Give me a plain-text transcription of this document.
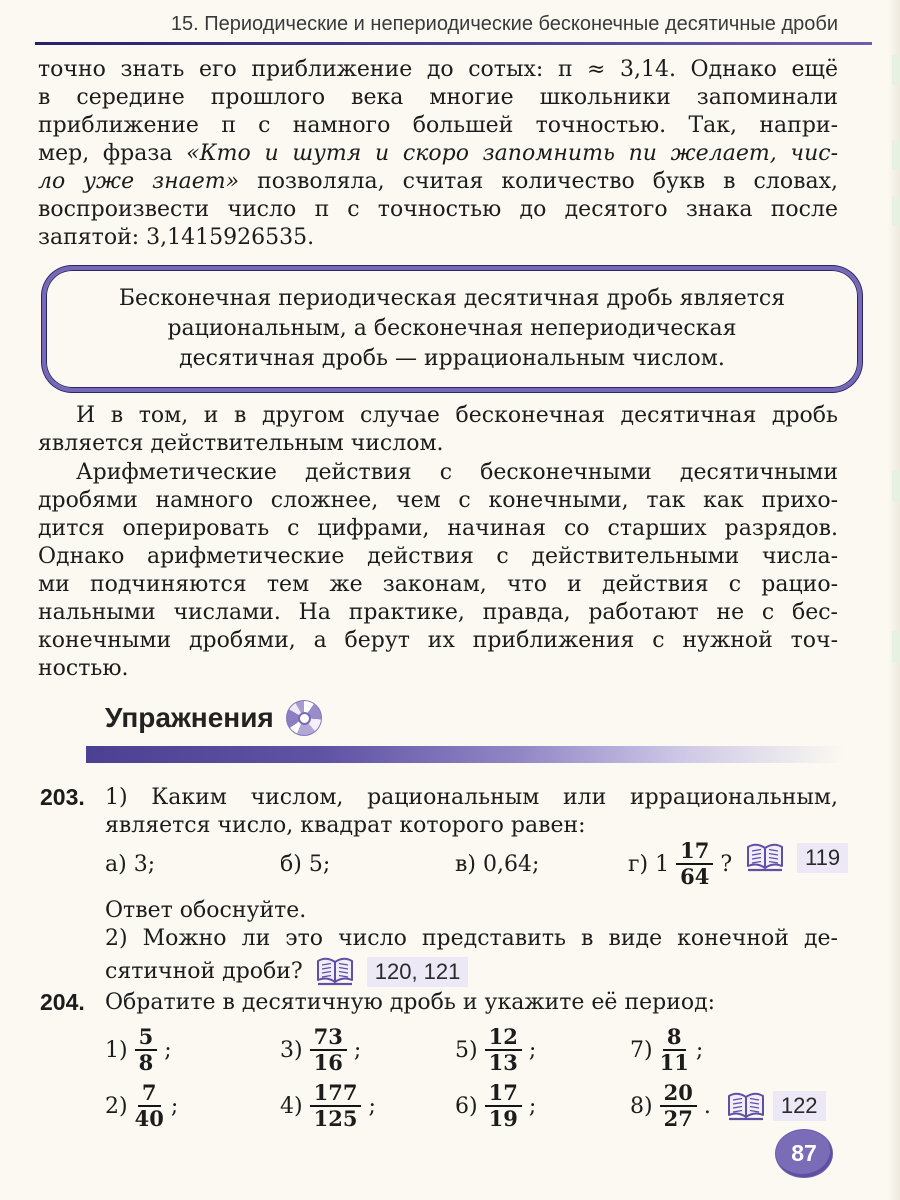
15. Периодические и непериодические бесконечные десятичные дроби
точно знать его приближение до сотых: π ≈ 3,14. Однако ещё
в середине прошлого века многие школьники запоминали
приближение π с намного большей точностью. Так, напри-
мер, фраза «Кто и шутя и скоро запомнить пи желает, чис-
ло уже знает» позволяла, считая количество букв в словах,
воспроизвести число π с точностью до десятого знака после
запятой: 3,1415926535.
Бесконечная периодическая десятичная дробь является
рациональным, а бесконечная непериодическая
десятичная дробь — иррациональным числом.
И в том, и в другом случае бесконечная десятичная дробь
является действительным числом.
Арифметические действия с бесконечными десятичными
дробями намного сложнее, чем с конечными, так как прихо-
дится оперировать с цифрами, начиная со старших разрядов.
Однако арифметические действия с действительными числа-
ми подчиняются тем же законам, что и действия с рацио-
нальными числами. На практике, правда, работают не с бес-
конечными дробями, а берут их приближения с нужной точ-
ностью.
Упражнения
203. 1) Каким числом, рациональным или иррациональным,
является число, квадрат которого равен:
а) 3;	б) 5;	в) 0,64;	г) $1 \frac{17}{64}$ ?	119
Ответ обоснуйте.
2) Можно ли это число представить в виде конечной де-
сятичной дроби?	120, 121
204. Обратите в десятичную дробь и укажите её период:
$1) \frac{5}{8}$ ;	$3) \frac{73}{16}$ ;	$5) \frac{12}{13}$ ;	$7) \frac{8}{11}$ ;
$2) \frac{7}{40}$ ;	$4) \frac{177}{125}$ ;	$6) \frac{17}{19}$ ;	$8) \frac{20}{27}$ .	122
87
